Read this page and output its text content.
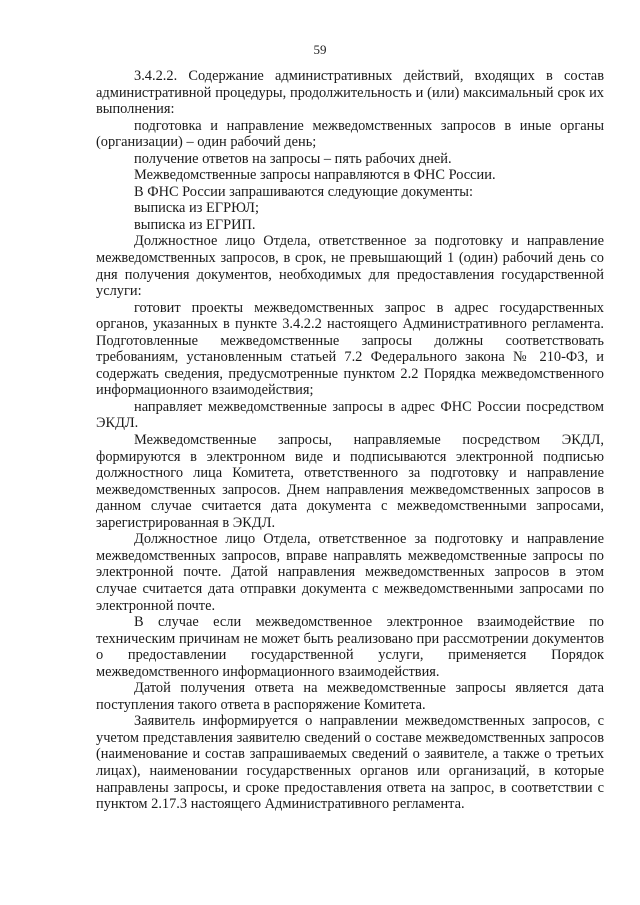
59

3.4.2.2. Содержание административных действий, входящих в состав административной процедуры, продолжительность и (или) максимальный срок их выполнения:

подготовка и направление межведомственных запросов в иные органы (организации) – один рабочий день;

получение ответов на запросы – пять рабочих дней.

Межведомственные запросы направляются в ФНС России.

В ФНС России запрашиваются следующие документы:

выписка из ЕГРЮЛ;

выписка из ЕГРИП.

Должностное лицо Отдела, ответственное за подготовку и направление межведомственных запросов, в срок, не превышающий 1 (один) рабочий день со дня получения документов, необходимых для предоставления государственной услуги:

готовит проекты межведомственных запрос в адрес государственных органов, указанных в пункте 3.4.2.2 настоящего Административного регламента. Подготовленные межведомственные запросы должны соответствовать требованиям, установленным статьей 7.2 Федерального закона № 210-ФЗ, и содержать сведения, предусмотренные пунктом 2.2 Порядка межведомственного информационного взаимодействия;

направляет межведомственные запросы в адрес ФНС России посредством ЭКДЛ.

Межведомственные запросы, направляемые посредством ЭКДЛ, формируются в электронном виде и подписываются электронной подписью должностного лица Комитета, ответственного за подготовку и направление межведомственных запросов. Днем направления межведомственных запросов в данном случае считается дата документа с межведомственными запросами, зарегистрированная в ЭКДЛ.

Должностное лицо Отдела, ответственное за подготовку и направление межведомственных запросов, вправе направлять межведомственные запросы по электронной почте. Датой направления межведомственных запросов в этом случае считается дата отправки документа с межведомственными запросами по электронной почте.

В случае если межведомственное электронное взаимодействие по техническим причинам не может быть реализовано при рассмотрении документов о предоставлении государственной услуги, применяется Порядок межведомственного информационного взаимодействия.

Датой получения ответа на межведомственные запросы является дата поступления такого ответа в распоряжение Комитета.

Заявитель информируется о направлении межведомственных запросов, с учетом представления заявителю сведений о составе межведомственных запросов (наименование и состав запрашиваемых сведений о заявителе, а также о третьих лицах), наименовании государственных органов или организаций, в которые направлены запросы, и сроке предоставления ответа на запрос, в соответствии с пунктом 2.17.3 настоящего Административного регламента.
